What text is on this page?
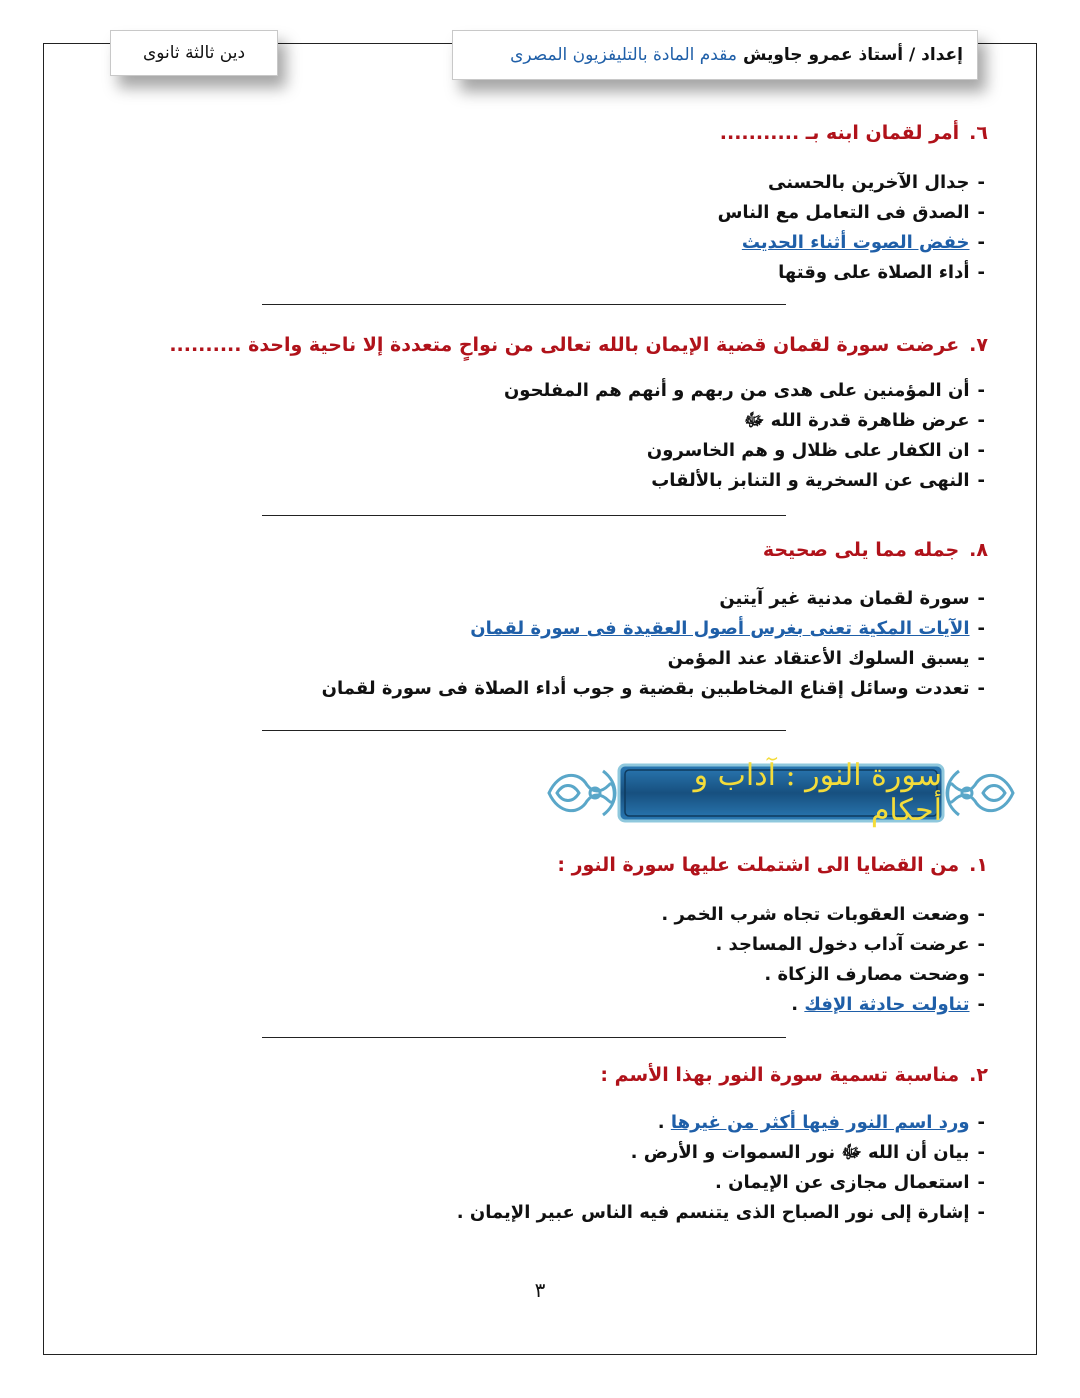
إعداد / أستاذ عمرو جاويش
مقدم المادة بالتليفزيون المصرى
دين ثالثة ثانوى
٦.أمر لقمان ابنه بـ ...........
-جدال الآخرين بالحسنى
-الصدق فى التعامل مع الناس
-خفض الصوت أثناء الحديث
-أداء الصلاة على وقتها
٧.عرضت سورة لقمان قضية الإيمان بالله تعالى من نواحٍ متعددة إلا ناحية واحدة ..........
-أن المؤمنين على هدى من ربهم و أنهم هم المفلحون
-عرض ظاهرة قدرة الله ﷻ
-ان الكفار على ظلال و هم الخاسرون
-النهى عن السخرية و التنابز بالألقاب
٨.جمله مما يلى صحيحة
-سورة لقمان مدنية غير آيتين
-الآيات المكية تعنى بغرس أصول العقيدة فى سورة لقمان
-يسبق السلوك الأعتقاد عند المؤمن
-تعددت وسائل إقناع المخاطبين بقضية و جوب أداء الصلاة فى سورة لقمان
سورة النور : آداب و أحكام
١.من القضايا الى اشتملت عليها سورة النور :
-وضعت العقوبات تجاه شرب الخمر .
-عرضت آداب دخول المساجد .
-وضحت مصارف الزكاة .
-تناولت حادثة الإفك .
٢.مناسبة تسمية سورة النور بهذا الأسم :
-ورد اسم النور فيها أكثر من غيرها .
-بيان أن الله ﷻ نور السموات و الأرض .
-استعمال مجازى عن الإيمان .
-إشارة إلى نور الصباح الذى يتنسم فيه الناس عبير الإيمان .
٣
